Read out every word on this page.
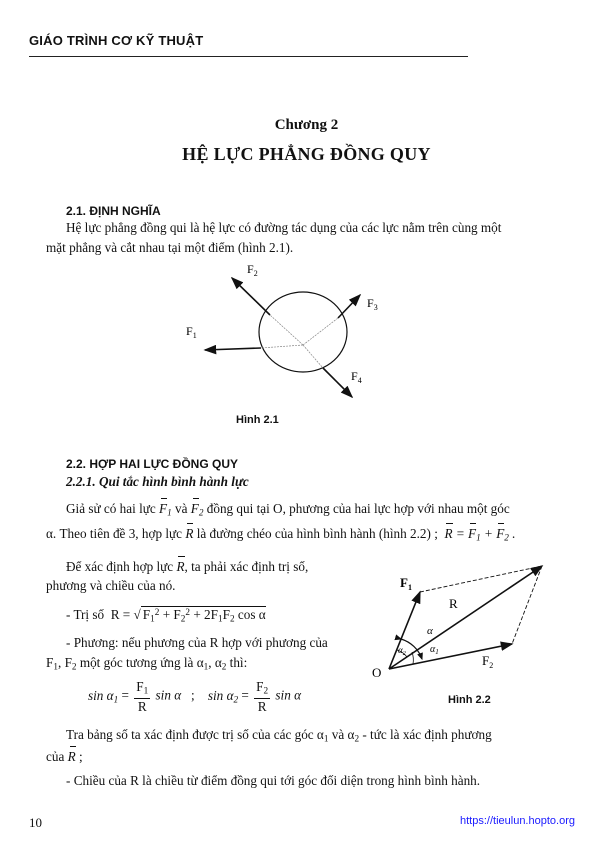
GIÁO TRÌNH CƠ KỸ THUẬT
Chương 2
HỆ LỰC PHẲNG ĐỒNG QUY
2.1. ĐỊNH NGHĨA
Hệ lực phẳng đồng qui là hệ lực có đường tác dụng của các lực nằm trên cùng một
mặt phẳng và cắt nhau tại một điểm (hình 2.1).
$F_2$
$F_3$
$F_1$
$F_4$
Hình 2.1
2.2. HỢP HAI LỰC ĐỒNG QUY
2.2.1. Qui tắc hình bình hành lực
Giả sử có hai lực $F_1$ và $F_2$ đồng qui tại O, phương của hai lực hợp với nhau một góc
α. Theo tiên đề 3, hợp lực R là đường chéo của hình bình hành (hình 2.2) ; $R = F_1 + F_2$ .
Để xác định hợp lực R, ta phải xác định trị số,
phương và chiều của nó.
- Trị số  R = √ $F_1^2 + F_2^2 + 2F_1F_2$ cos α
- Phương: nếu phương của R hợp với phương của
$F_1$, $F_2$ một góc tương ứng là $\alpha_1$, $\alpha_2$ thì:
$\sin \alpha_1 = \frac{F_1}{R}$ sin α   ;    $\sin \alpha_2 = \frac{F_2}{R}$ sin α
O
$F_1$
$F_2$
R
α
$\alpha_1$
$\alpha_2$
Hình 2.2
Tra bảng số ta xác định được trị số của các góc $\alpha_1$ và $\alpha_2$ - tức là xác định phương
của R ;
- Chiều của R là chiều từ điểm đồng qui tới góc đối diện trong hình bình hành.
10	https://tieulun.hopto.org
